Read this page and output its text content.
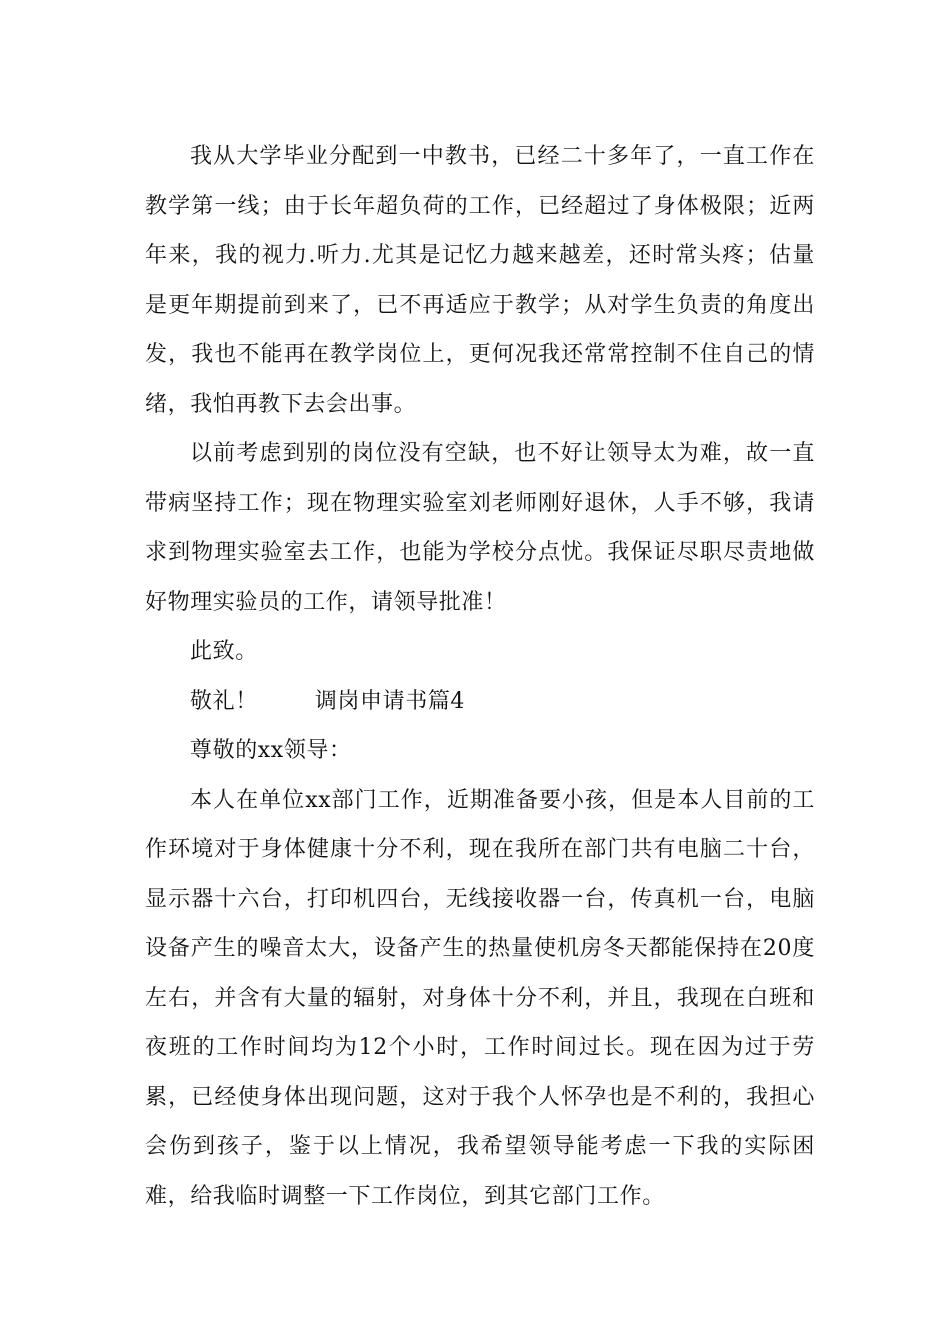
我从大学毕业分配到一中教书，已经二十多年了，一直工作在教学第一线；由于长年超负荷的工作，已经超过了身体极限；近两年来，我的视力.听力.尤其是记忆力越来越差，还时常头疼；估量是更年期提前到来了，已不再适应于教学；从对学生负责的角度出发，我也不能再在教学岗位上，更何况我还常常控制不住自己的情绪，我怕再教下去会出事。

以前考虑到别的岗位没有空缺，也不好让领导太为难，故一直带病坚持工作；现在物理实验室刘老师刚好退休，人手不够，我请求到物理实验室去工作，也能为学校分点忧。我保证尽职尽责地做好物理实验员的工作，请领导批准！

此致。

敬礼！	调岗申请书篇4

尊敬的xx领导：

本人在单位xx部门工作，近期准备要小孩，但是本人目前的工作环境对于身体健康十分不利，现在我所在部门共有电脑二十台，显示器十六台，打印机四台，无线接收器一台，传真机一台，电脑设备产生的噪音太大，设备产生的热量使机房冬天都能保持在20度左右，并含有大量的辐射，对身体十分不利，并且，我现在白班和夜班的工作时间均为12个小时，工作时间过长。现在因为过于劳累，已经使身体出现问题，这对于我个人怀孕也是不利的，我担心会伤到孩子，鉴于以上情况，我希望领导能考虑一下我的实际困难，给我临时调整一下工作岗位，到其它部门工作。
